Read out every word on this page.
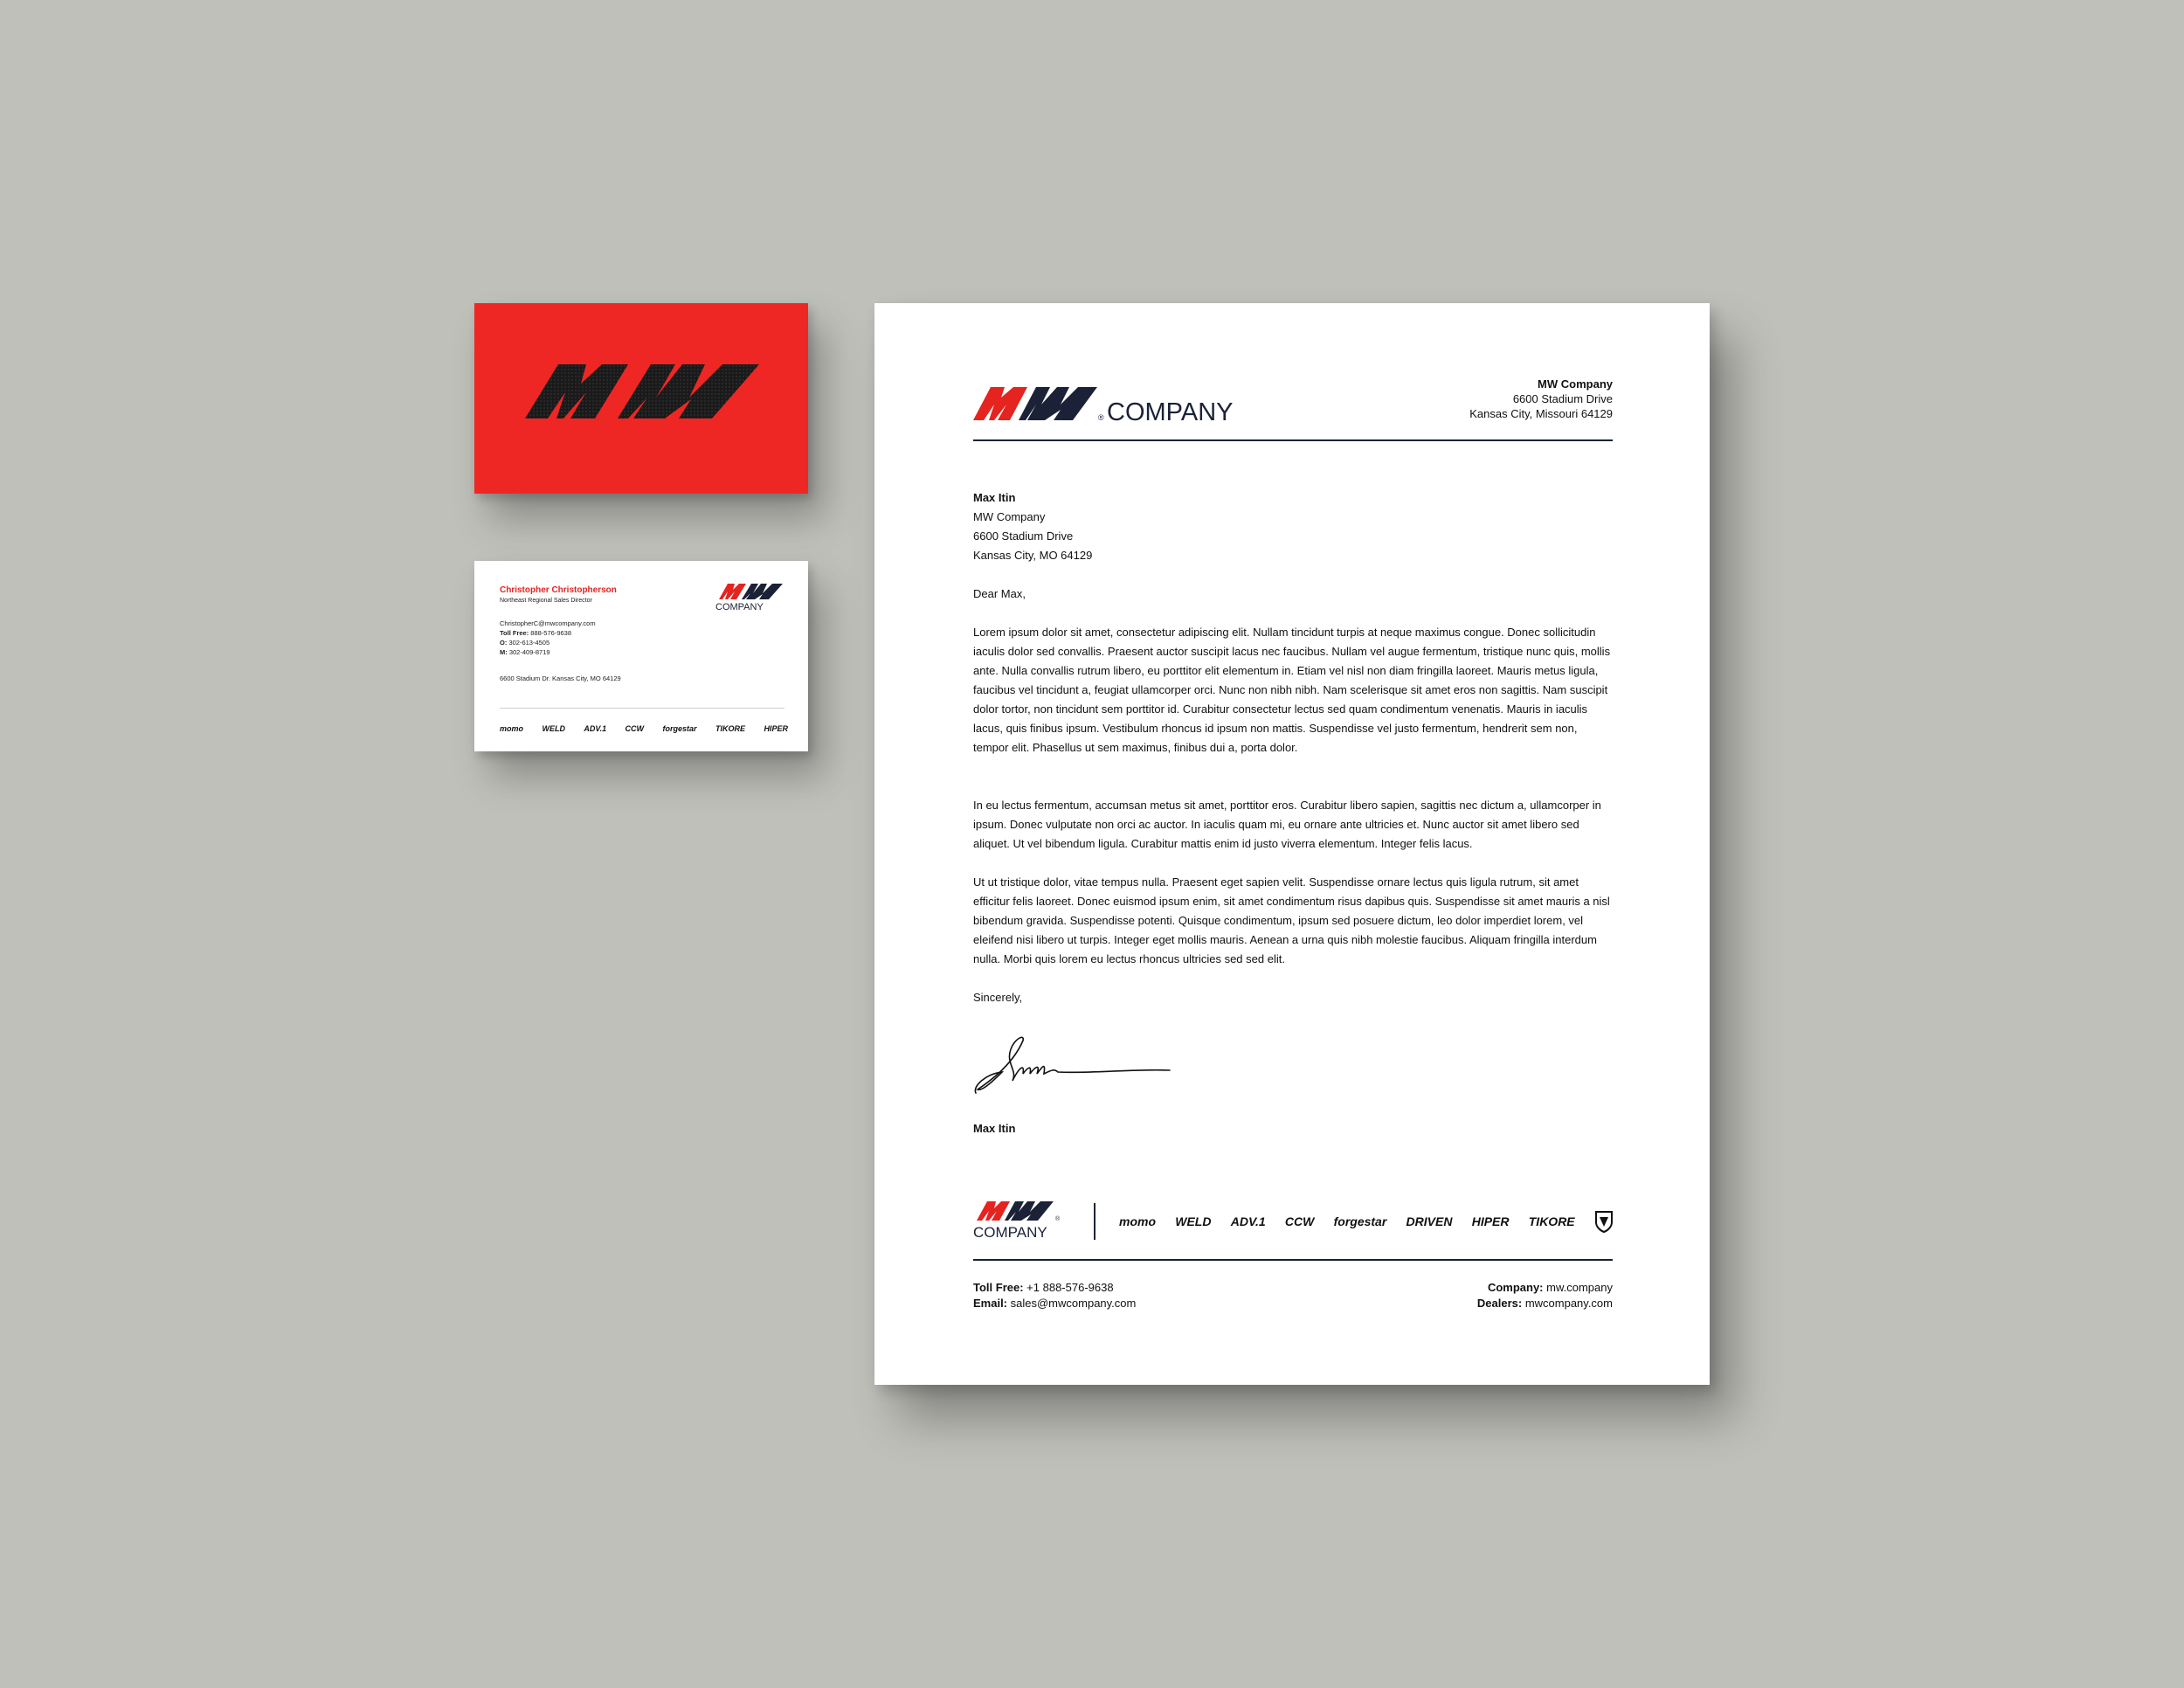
Christopher Christopherson
Northeast Regional Sales Director
COMPANY
ChristopherC@mwcompany.com
Toll Free: 888-576-9638
O: 302-613-4505
M: 302-409-8719
6600 Stadium Dr. Kansas City, MO 64129
momo WELD ADV.1 CCW forgestar TIKORE HIPER
® COMPANY
MW Company
6600 Stadium Drive
Kansas City, Missouri 64129
Max Itin
MW Company
6600 Stadium Drive
Kansas City, MO 64129
Dear Max,
Lorem ipsum dolor sit amet, consectetur adipiscing elit. Nullam tincidunt turpis at neque maximus congue. Donec sollicitudin iaculis dolor sed convallis. Praesent auctor suscipit lacus nec faucibus. Nullam vel augue fermentum, tristique nunc quis, mollis ante. Nulla convallis rutrum libero, eu porttitor elit elementum in. Etiam vel nisl non diam fringilla laoreet. Mauris metus ligula, faucibus vel tincidunt a, feugiat ullamcorper orci. Nunc non nibh nibh. Nam scelerisque sit amet eros non sagittis. Nam suscipit dolor tortor, non tincidunt sem porttitor id. Curabitur consectetur lectus sed quam condimentum venenatis. Mauris in iaculis lacus, quis finibus ipsum. Vestibulum rhoncus id ipsum non mattis. Suspendisse vel justo fermentum, hendrerit sem non, tempor elit. Phasellus ut sem maximus, finibus dui a, porta dolor.
In eu lectus fermentum, accumsan metus sit amet, porttitor eros. Curabitur libero sapien, sagittis nec dictum a, ullamcorper in ipsum. Donec vulputate non orci ac auctor. In iaculis quam mi, eu ornare ante ultricies et. Nunc auctor sit amet libero sed aliquet. Ut vel bibendum ligula. Curabitur mattis enim id justo viverra elementum. Integer felis lacus.
Ut ut tristique dolor, vitae tempus nulla. Praesent eget sapien velit. Suspendisse ornare lectus quis ligula rutrum, sit amet efficitur felis laoreet. Donec euismod ipsum enim, sit amet condimentum risus dapibus quis. Suspendisse sit amet mauris a nisl bibendum gravida. Suspendisse potenti. Quisque condimentum, ipsum sed posuere dictum, leo dolor imperdiet lorem, vel eleifend nisi libero ut turpis. Integer eget mollis mauris. Aenean a urna quis nibh molestie faucibus. Aliquam fringilla interdum nulla. Morbi quis lorem eu lectus rhoncus ultricies sed sed elit.
Sincerely,
Max Itin
®
COMPANY
momo WELD ADV.1 CCW forgestar DRIVEN HIPER TIKORE
Toll Free: +1 888-576-9638
Email: sales@mwcompany.com
Company: mw.company
Dealers: mwcompany.com
